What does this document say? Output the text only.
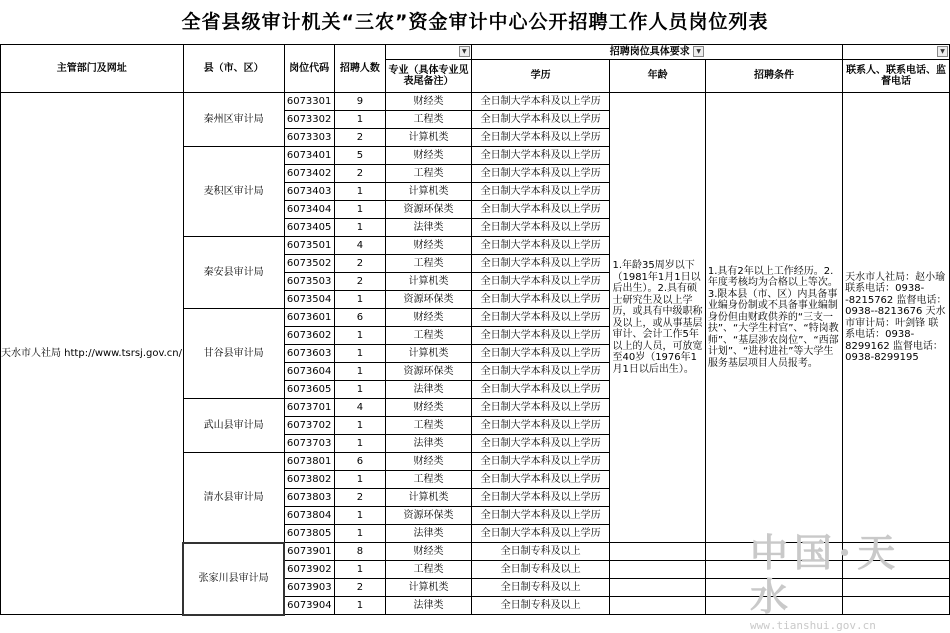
全省县级审计机关“三农”资金审计中心公开招聘工作人员岗位列表
主管部门及网址	县（市、区）	岗位代码	招聘人数	▼	招聘岗位具体要求 ▼			▼

				专业（具体专业见表尾备注）	学历	年龄	招聘条件	联系人、联系电话、监督电话
天水市人社局 http://www.tsrsj.gov.cn/	秦州区审计局	6073301	9	财经类	全日制大学本科及以上学历	1.年龄35周岁以下（1981年1月1日以后出生）。2.具有硕士研究生及以上学历，或具有中级职称及以上，或从事基层审计、会计工作5年以上的人员，可放宽至40岁（1976年1月1日以后出生）。	1.具有2年以上工作经历。2.年度考核均为合格以上等次。3.限本县（市、区）内具备事业编身份制或不具备事业编制身份但由财政供养的“三支一扶”、“大学生村官”、“特岗教师”、“基层涉农岗位”、“西部计划”、“进村进社”等大学生服务基层项目人员报考。	天水市人社局：赵小瑜 联系电话：0938--8215762 监督电话：0938--8213676 天水市审计局：叶剑锋 联系电话：0938-8299162 监督电话：0938-8299195
		6073302	1	工程类	全日制大学本科及以上学历			
		6073303	2	计算机类	全日制大学本科及以上学历			
	麦积区审计局	6073401	5	财经类	全日制大学本科及以上学历			
		6073402	2	工程类	全日制大学本科及以上学历			
		6073403	1	计算机类	全日制大学本科及以上学历			
		6073404	1	资源环保类	全日制大学本科及以上学历			
		6073405	1	法律类	全日制大学本科及以上学历			
	秦安县审计局	6073501	4	财经类	全日制大学本科及以上学历			
		6073502	2	工程类	全日制大学本科及以上学历			
		6073503	2	计算机类	全日制大学本科及以上学历			
		6073504	1	资源环保类	全日制大学本科及以上学历			
	甘谷县审计局	6073601	6	财经类	全日制大学本科及以上学历			
		6073602	1	工程类	全日制大学本科及以上学历			
		6073603	1	计算机类	全日制大学本科及以上学历			
		6073604	1	资源环保类	全日制大学本科及以上学历			
		6073605	1	法律类	全日制大学本科及以上学历			
	武山县审计局	6073701	4	财经类	全日制大学本科及以上学历			
		6073702	1	工程类	全日制大学本科及以上学历			
		6073703	1	法律类	全日制大学本科及以上学历			
	清水县审计局	6073801	6	财经类	全日制大学本科及以上学历			
		6073802	1	工程类	全日制大学本科及以上学历			
		6073803	2	计算机类	全日制大学本科及以上学历			
		6073804	1	资源环保类	全日制大学本科及以上学历			
		6073805	1	法律类	全日制大学本科及以上学历			
	张家川县审计局	6073901	8	财经类	全日制专科及以上			
		6073902	1	工程类	全日制专科及以上			
		6073903	2	计算机类	全日制专科及以上			
		6073904	1	法律类	全日制专科及以上			
中国·天水
www.tianshui.gov.cn
